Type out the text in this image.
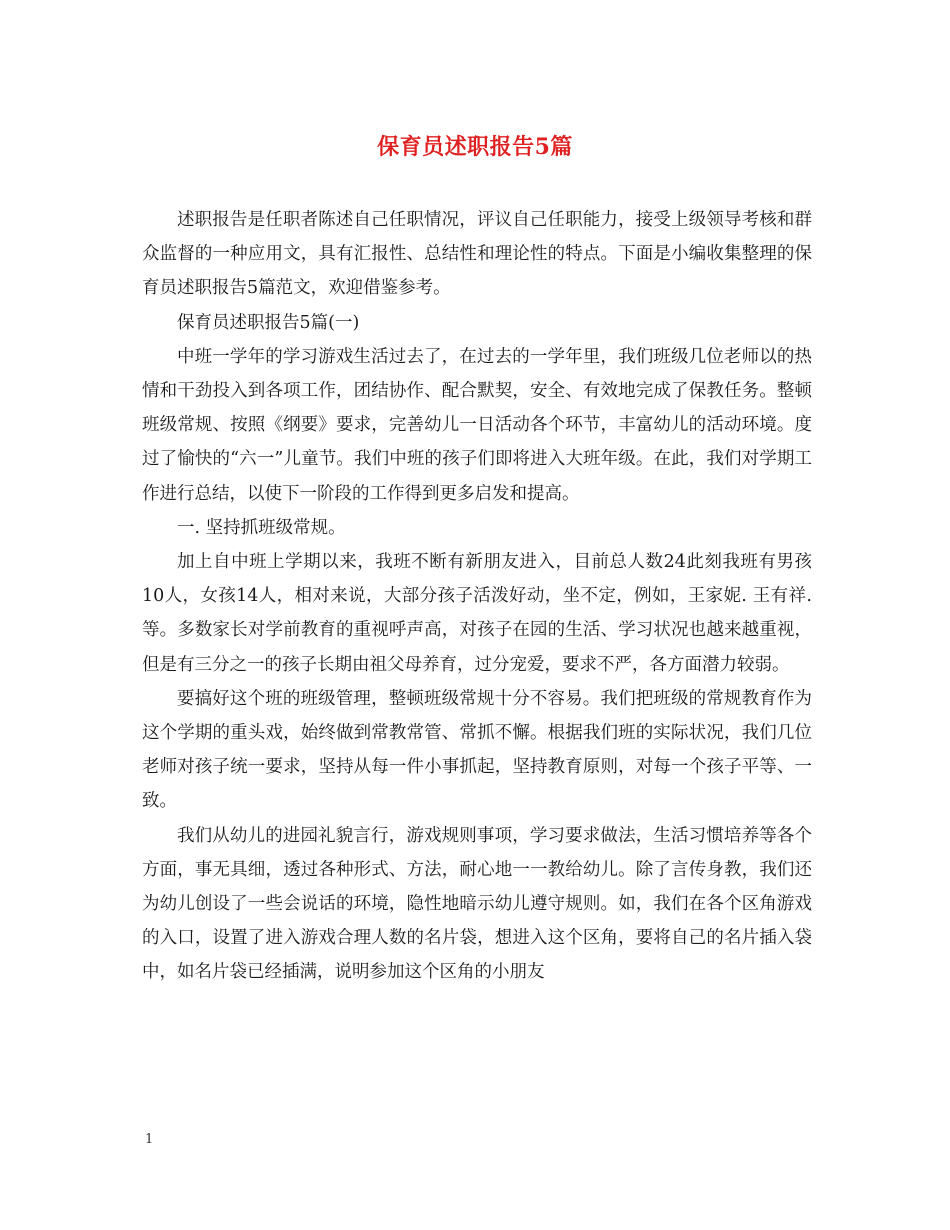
保育员述职报告5篇

述职报告是任职者陈述自己任职情况，评议自己任职能力，接受上级领导考核和群众监督的一种应用文，具有汇报性、总结性和理论性的特点。下面是小编收集整理的保育员述职报告5篇范文，欢迎借鉴参考。

保育员述职报告5篇(一)

中班一学年的学习游戏生活过去了，在过去的一学年里，我们班级几位老师以的热情和干劲投入到各项工作，团结协作、配合默契，安全、有效地完成了保教任务。整顿班级常规、按照《纲要》要求，完善幼儿一日活动各个环节，丰富幼儿的活动环境。度过了愉快的“六一”儿童节。我们中班的孩子们即将进入大班年级。在此，我们对学期工作进行总结，以使下一阶段的工作得到更多启发和提高。

一. 坚持抓班级常规。

加上自中班上学期以来，我班不断有新朋友进入，目前总人数24此刻我班有男孩10人，女孩14人，相对来说，大部分孩子活泼好动，坐不定，例如，王家妮. 王有祥. 等。多数家长对学前教育的重视呼声高，对孩子在园的生活、学习状况也越来越重视，但是有三分之一的孩子长期由祖父母养育，过分宠爱，要求不严，各方面潜力较弱。

要搞好这个班的班级管理，整顿班级常规十分不容易。我们把班级的常规教育作为这个学期的重头戏，始终做到常教常管、常抓不懈。根据我们班的实际状况，我们几位老师对孩子统一要求，坚持从每一件小事抓起，坚持教育原则，对每一个孩子平等、一致。

我们从幼儿的进园礼貌言行，游戏规则事项，学习要求做法，生活习惯培养等各个方面，事无具细，透过各种形式、方法，耐心地一一教给幼儿。除了言传身教，我们还为幼儿创设了一些会说话的环境，隐性地暗示幼儿遵守规则。如，我们在各个区角游戏的入口，设置了进入游戏合理人数的名片袋，想进入这个区角，要将自己的名片插入袋中，如名片袋已经插满，说明参加这个区角的小朋友

1
